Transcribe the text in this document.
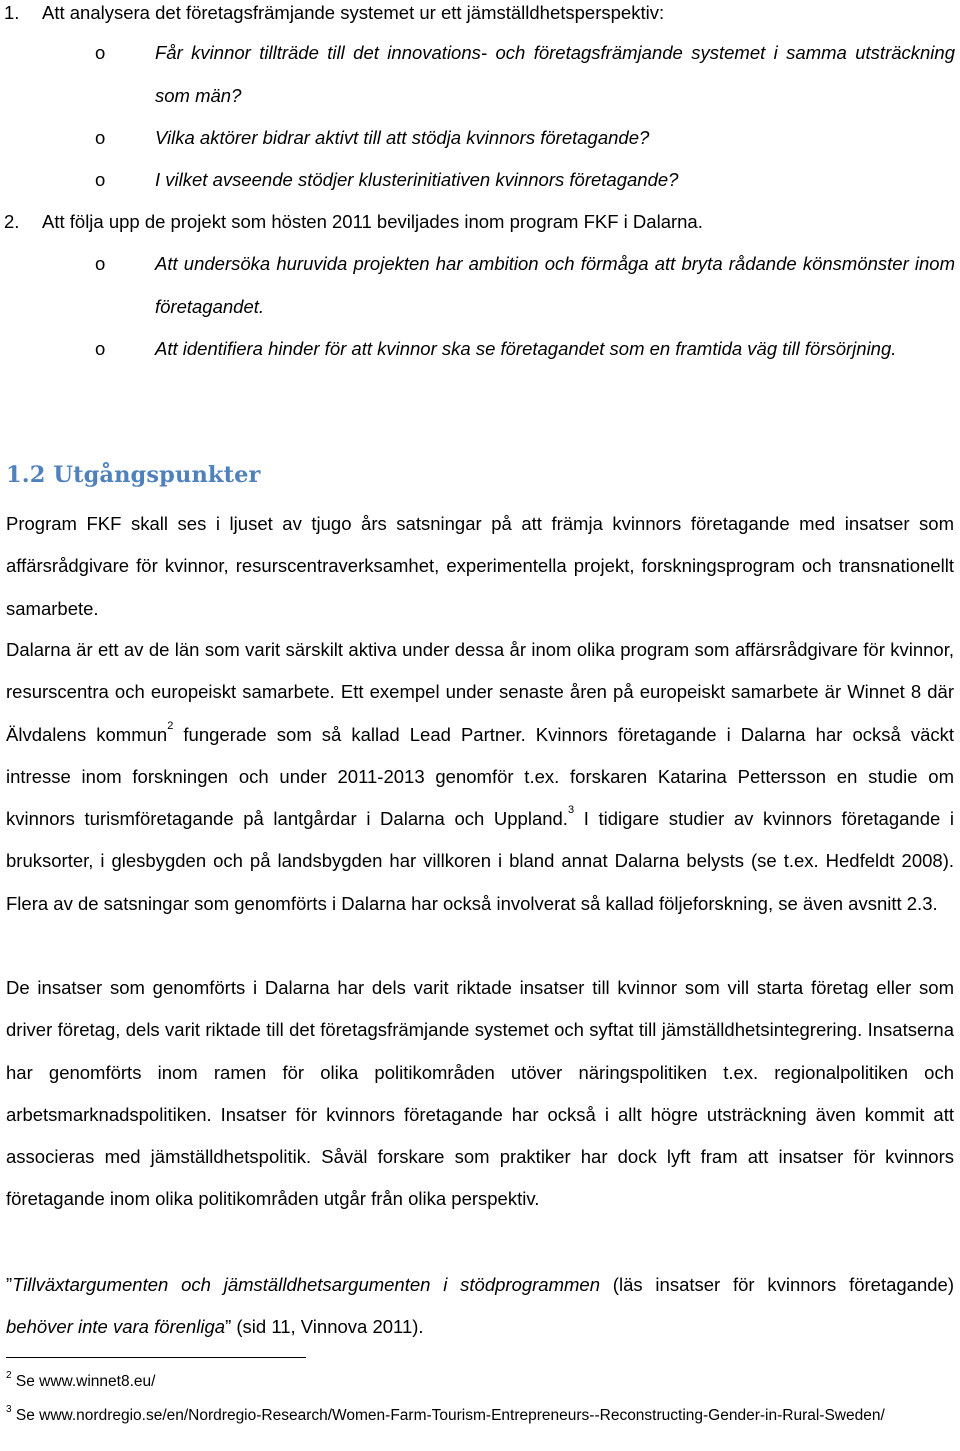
1. Att analysera det företagsfrämjande systemet ur ett jämställdhetsperspektiv:
o	Får kvinnor tillträde till det innovations- och företagsfrämjande systemet i samma utsträckning som män?
o	Vilka aktörer bidrar aktivt till att stödja kvinnors företagande?
o	I vilket avseende stödjer klusterinitiativen kvinnors företagande?
2. Att följa upp de projekt som hösten 2011 beviljades inom program FKF i Dalarna.
o	Att undersöka huruvida projekten har ambition och förmåga att bryta rådande könsmönster inom företagandet.
o	Att identifiera hinder för att kvinnor ska se företagandet som en framtida väg till försörjning.
1.2 Utgångspunkter
Program FKF skall ses i ljuset av tjugo års satsningar på att främja kvinnors företagande med insatser som affärsrådgivare för kvinnor, resurscentraverksamhet, experimentella projekt, forskningsprogram och transnationellt samarbete.
Dalarna är ett av de län som varit särskilt aktiva under dessa år inom olika program som affärsrådgivare för kvinnor, resurscentra och europeiskt samarbete. Ett exempel under senaste åren på europeiskt samarbete är Winnet 8 där Älvdalens kommun$^2$ fungerade som så kallad Lead Partner. Kvinnors företagande i Dalarna har också väckt intresse inom forskningen och under 2011-2013 genomför t.ex. forskaren Katarina Pettersson en studie om kvinnors turismföretagande på lantgårdar i Dalarna och Uppland.$^3$ I tidigare studier av kvinnors företagande i bruksorter, i glesbygden och på landsbygden har villkoren i bland annat Dalarna belysts (se t.ex. Hedfeldt 2008). Flera av de satsningar som genomförts i Dalarna har också involverat så kallad följeforskning, se även avsnitt 2.3.
De insatser som genomförts i Dalarna har dels varit riktade insatser till kvinnor som vill starta företag eller som driver företag, dels varit riktade till det företagsfrämjande systemet och syftat till jämställdhetsintegrering. Insatserna har genomförts inom ramen för olika politikområden utöver näringspolitiken t.ex. regionalpolitiken och arbetsmarknadspolitiken. Insatser för kvinnors företagande har också i allt högre utsträckning även kommit att associeras med jämställdhetspolitik. Såväl forskare som praktiker har dock lyft fram att insatser för kvinnors företagande inom olika politikområden utgår från olika perspektiv.
”Tillväxtargumenten och jämställdhetsargumenten i stödprogrammen (läs insatser för kvinnors företagande) behöver inte vara förenliga” (sid 11, Vinnova 2011).
$^2$ Se www.winnet8.eu/
$^3$ Se www.nordregio.se/en/Nordregio-Research/Women-Farm-Tourism-Entrepreneurs--Reconstructing-Gender-in-Rural-Sweden/
